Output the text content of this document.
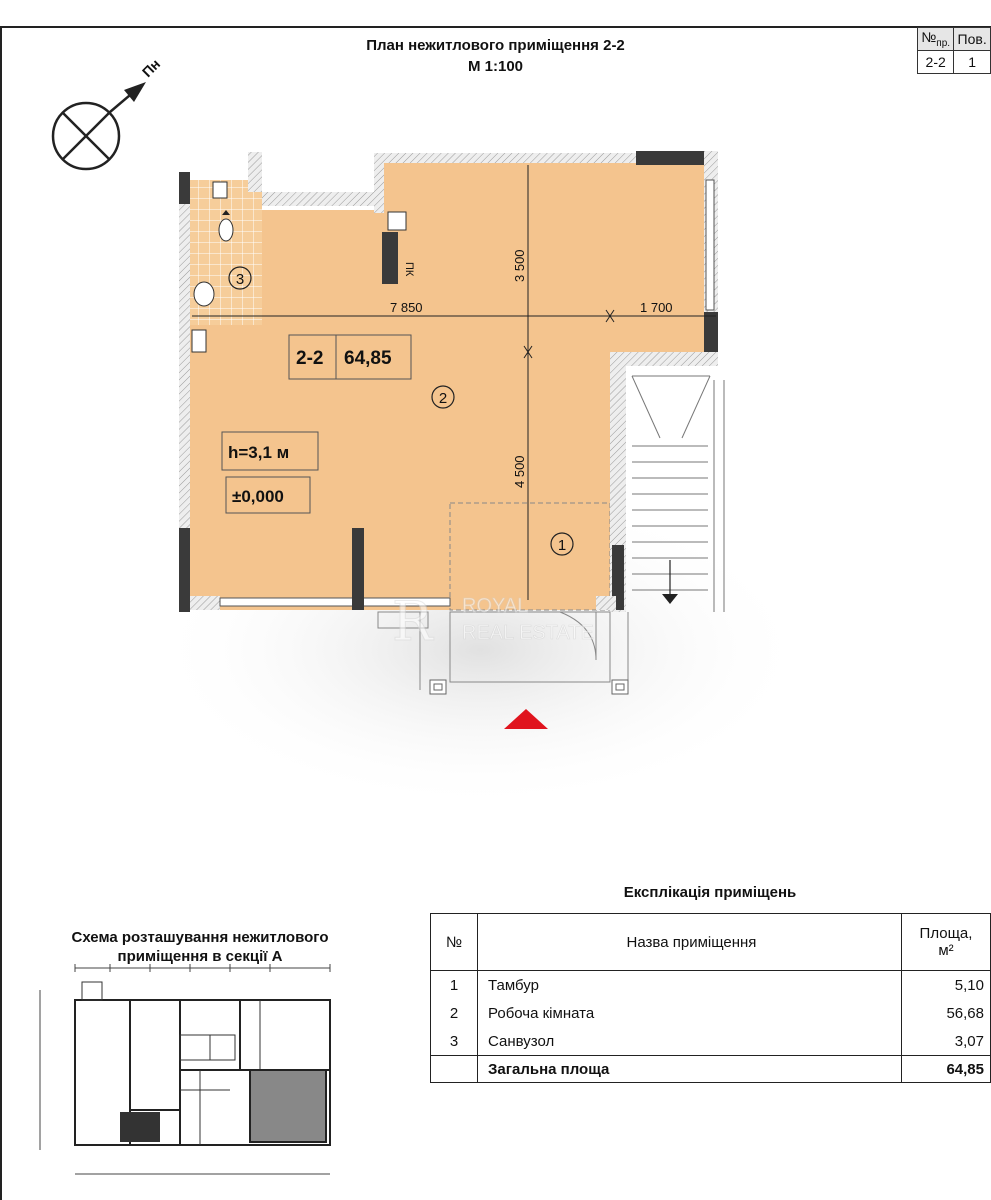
План нежитлового приміщення 2-2
М 1:100
$№_{пр.}$	Пов.
2-2	1
Пн
ПК
7 850	1 700
3 500
4 500
2-2 64,85
h=3,1 м
±0,000
1
2
3
R ROYAL
REAL ESTATE
Експлікація приміщень
№	Назва приміщення	Площа,
м²
1	Тамбур	5,10
2	Робоча кімната	56,68
3	Санвузол	3,07
	Загальна площа	64,85
Схема розташування нежитлового
приміщення в секції А
